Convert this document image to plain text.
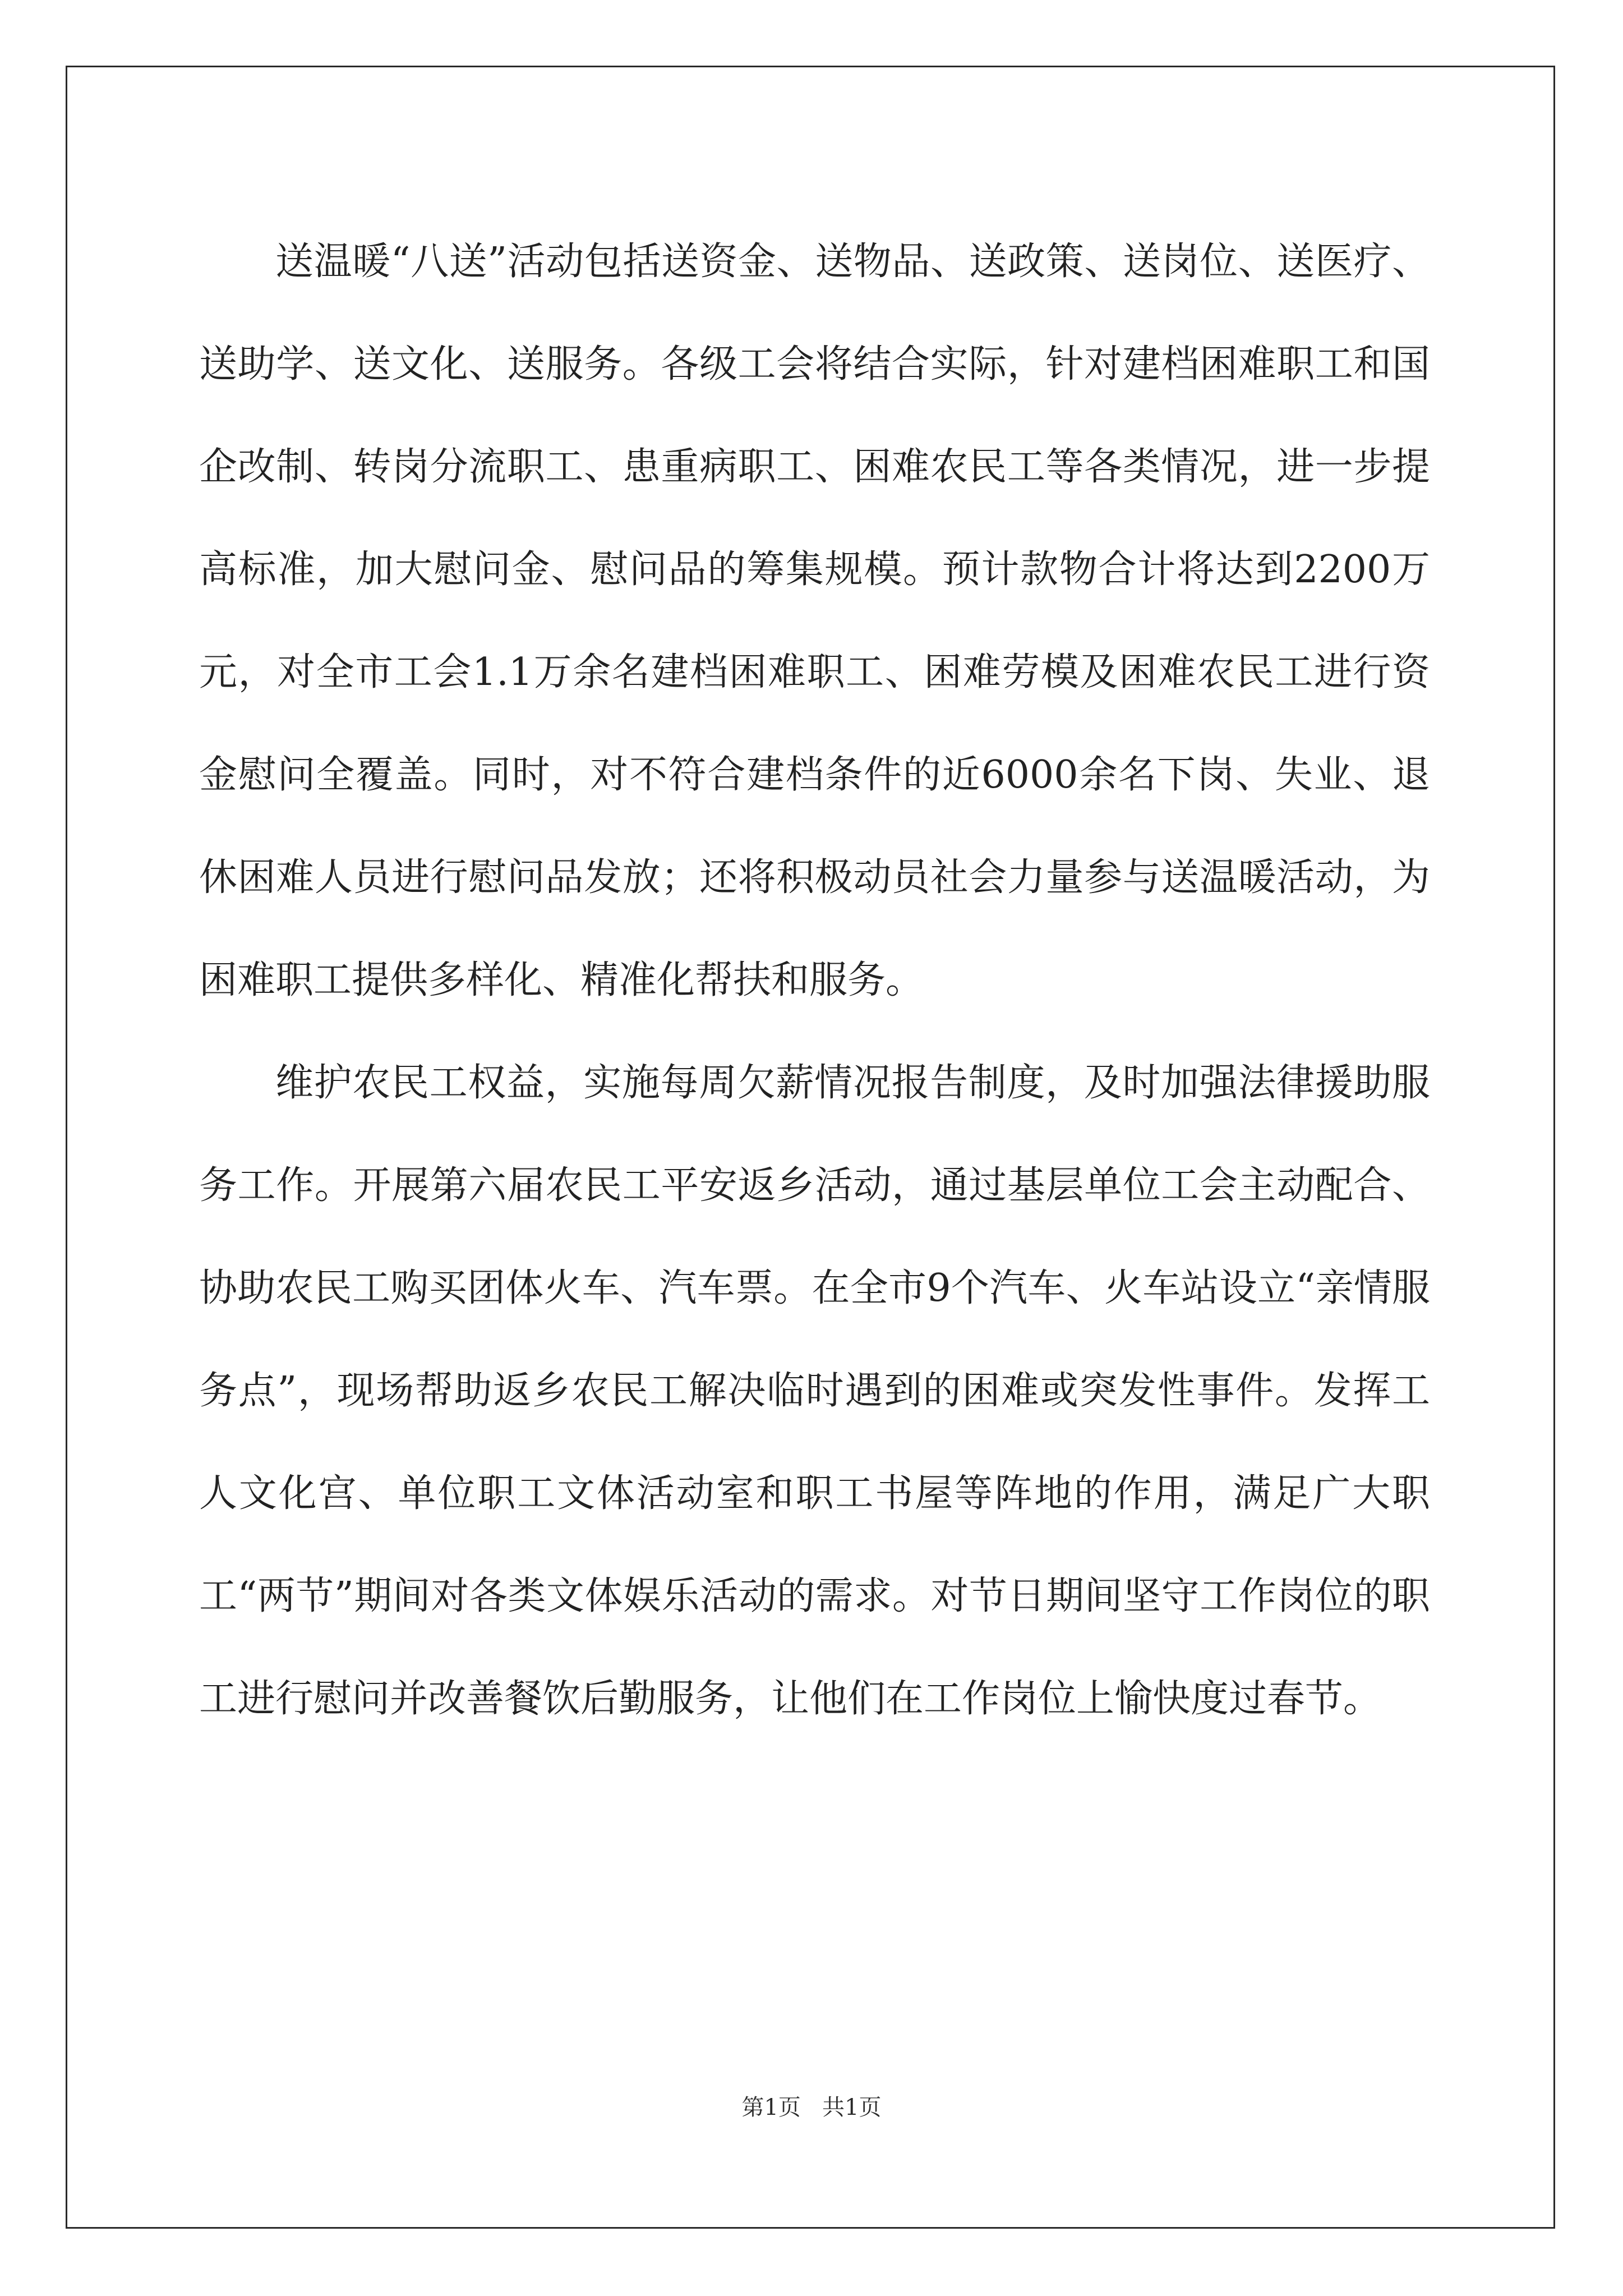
送温暖“八送”活动包括送资金、送物品、送政策、送岗位、送医疗、送助学、送文化、送服务。各级工会将结合实际，针对建档困难职工和国企改制、转岗分流职工、患重病职工、困难农民工等各类情况，进一步提高标准，加大慰问金、慰问品的筹集规模。预计款物合计将达到2200万元，对全市工会1.1万余名建档困难职工、困难劳模及困难农民工进行资金慰问全覆盖。同时，对不符合建档条件的近6000余名下岗、失业、退休困难人员进行慰问品发放；还将积极动员社会力量参与送温暖活动，为困难职工提供多样化、精准化帮扶和服务。

维护农民工权益，实施每周欠薪情况报告制度，及时加强法律援助服务工作。开展第六届农民工平安返乡活动，通过基层单位工会主动配合、协助农民工购买团体火车、汽车票。在全市9个汽车、火车站设立“亲情服务点”，现场帮助返乡农民工解决临时遇到的困难或突发性事件。发挥工人文化宫、单位职工文体活动室和职工书屋等阵地的作用，满足广大职工“两节”期间对各类文体娱乐活动的需求。对节日期间坚守工作岗位的职工进行慰问并改善餐饮后勤服务，让他们在工作岗位上愉快度过春节。

第1页   共1页
